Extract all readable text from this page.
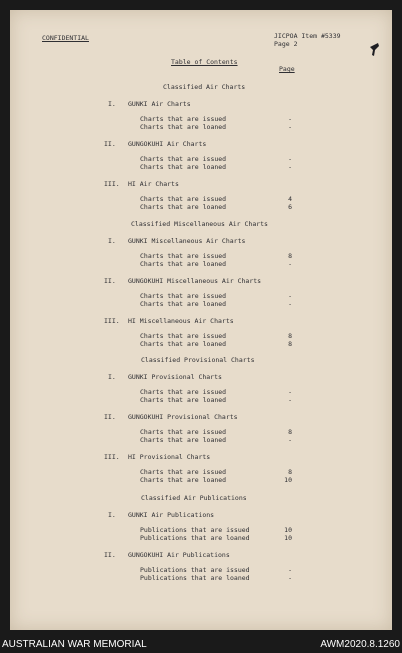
CONFIDENTIAL	JICPOA Item #5339
Page 2
Table of Contents
Page
Classified Air Charts
I. GUNKI Air Charts
Charts that are issued	-
Charts that are loaned	-
II. GUNGOKUHI Air Charts
Charts that are issued	-
Charts that are loaned	-
III. HI Air Charts
Charts that are issued	4
Charts that are loaned	6
Classified Miscellaneous Air Charts
I. GUNKI Miscellaneous Air Charts
Charts that are issued	8
Charts that are loaned	-
II. GUNGOKUHI Miscellaneous Air Charts
Charts that are issued	-
Charts that are loaned	-
III. HI Miscellaneous Air Charts
Charts that are issued	8
Charts that are loaned	8
Classified Provisional Charts
I. GUNKI Provisional Charts
Charts that are issued	-
Charts that are loaned	-
II. GUNGOKUHI Provisional Charts
Charts that are issued	8
Charts that are loaned	-
III. HI Provisional Charts
Charts that are issued	8
Charts that are loaned	10
Classified Air Publications
I. GUNKI Air Publications
Publications that are issued	10
Publications that are loaned	10
II. GUNGOKUHI Air Publications
Publications that are issued	-
Publications that are loaned	-
AUSTRALIAN WAR MEMORIAL	AWM2020.8.1260
